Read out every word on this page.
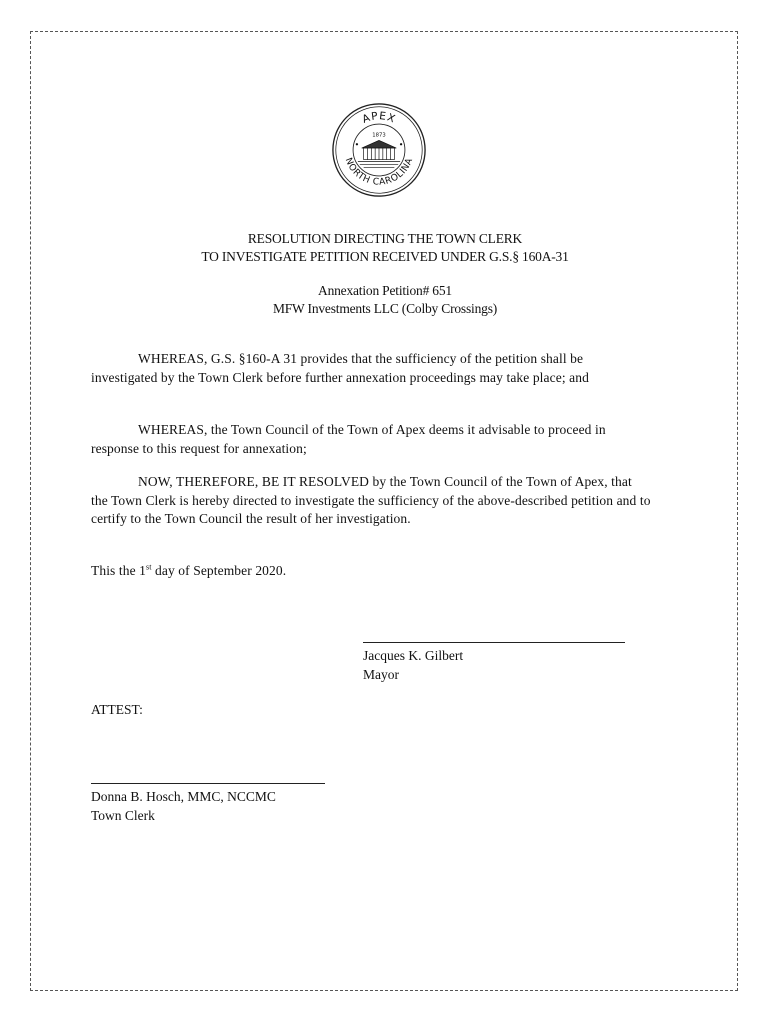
APEX
NORTH CAROLINA
1873
RESOLUTION DIRECTING THE TOWN CLERK
TO INVESTIGATE PETITION RECEIVED UNDER G.S.§ 160A-31
Annexation Petition# 651
MFW Investments LLC (Colby Crossings)
WHEREAS, G.S. §160-A 31 provides that the sufficiency of the petition shall be investigated by the Town Clerk before further annexation proceedings may take place; and
WHEREAS, the Town Council of the Town of Apex deems it advisable to proceed in response to this request for annexation;
NOW, THEREFORE, BE IT RESOLVED by the Town Council of the Town of Apex, that the Town Clerk is hereby directed to investigate the sufficiency of the above-described petition and to certify to the Town Council the result of her investigation.
This the 1st day of September 2020.
Jacques K. Gilbert
Mayor
ATTEST:
Donna B. Hosch, MMC, NCCMC
Town Clerk
